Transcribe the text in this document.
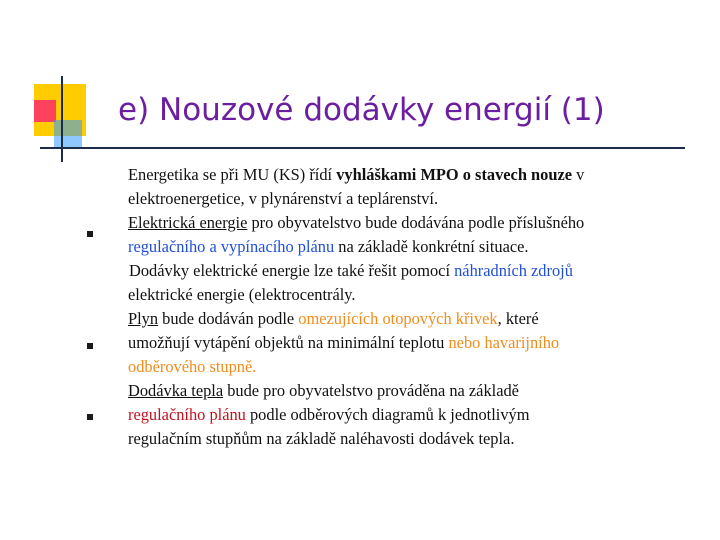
e) Nouzové dodávky energií (1)
Energetika se při MU (KS) řídí vyhláškami MPO o stavech nouze v
elektroenergetice, v plynárenství a teplárenství.
Elektrická energie pro obyvatelstvo bude dodávána podle příslušného
regulačního a vypínacího plánu na základě konkrétní situace.
Dodávky elektrické energie lze také řešit pomocí náhradních zdrojů
elektrické energie (elektrocentrály.
Plyn bude dodáván podle omezujících otopových křivek, které
umožňují vytápění objektů na minimální teplotu nebo havarijního
odběrového stupně.
Dodávka tepla bude pro obyvatelstvo prováděna na základě
regulačního plánu podle odběrových diagramů k jednotlivým
regulačním stupňům na základě naléhavosti dodávek tepla.
